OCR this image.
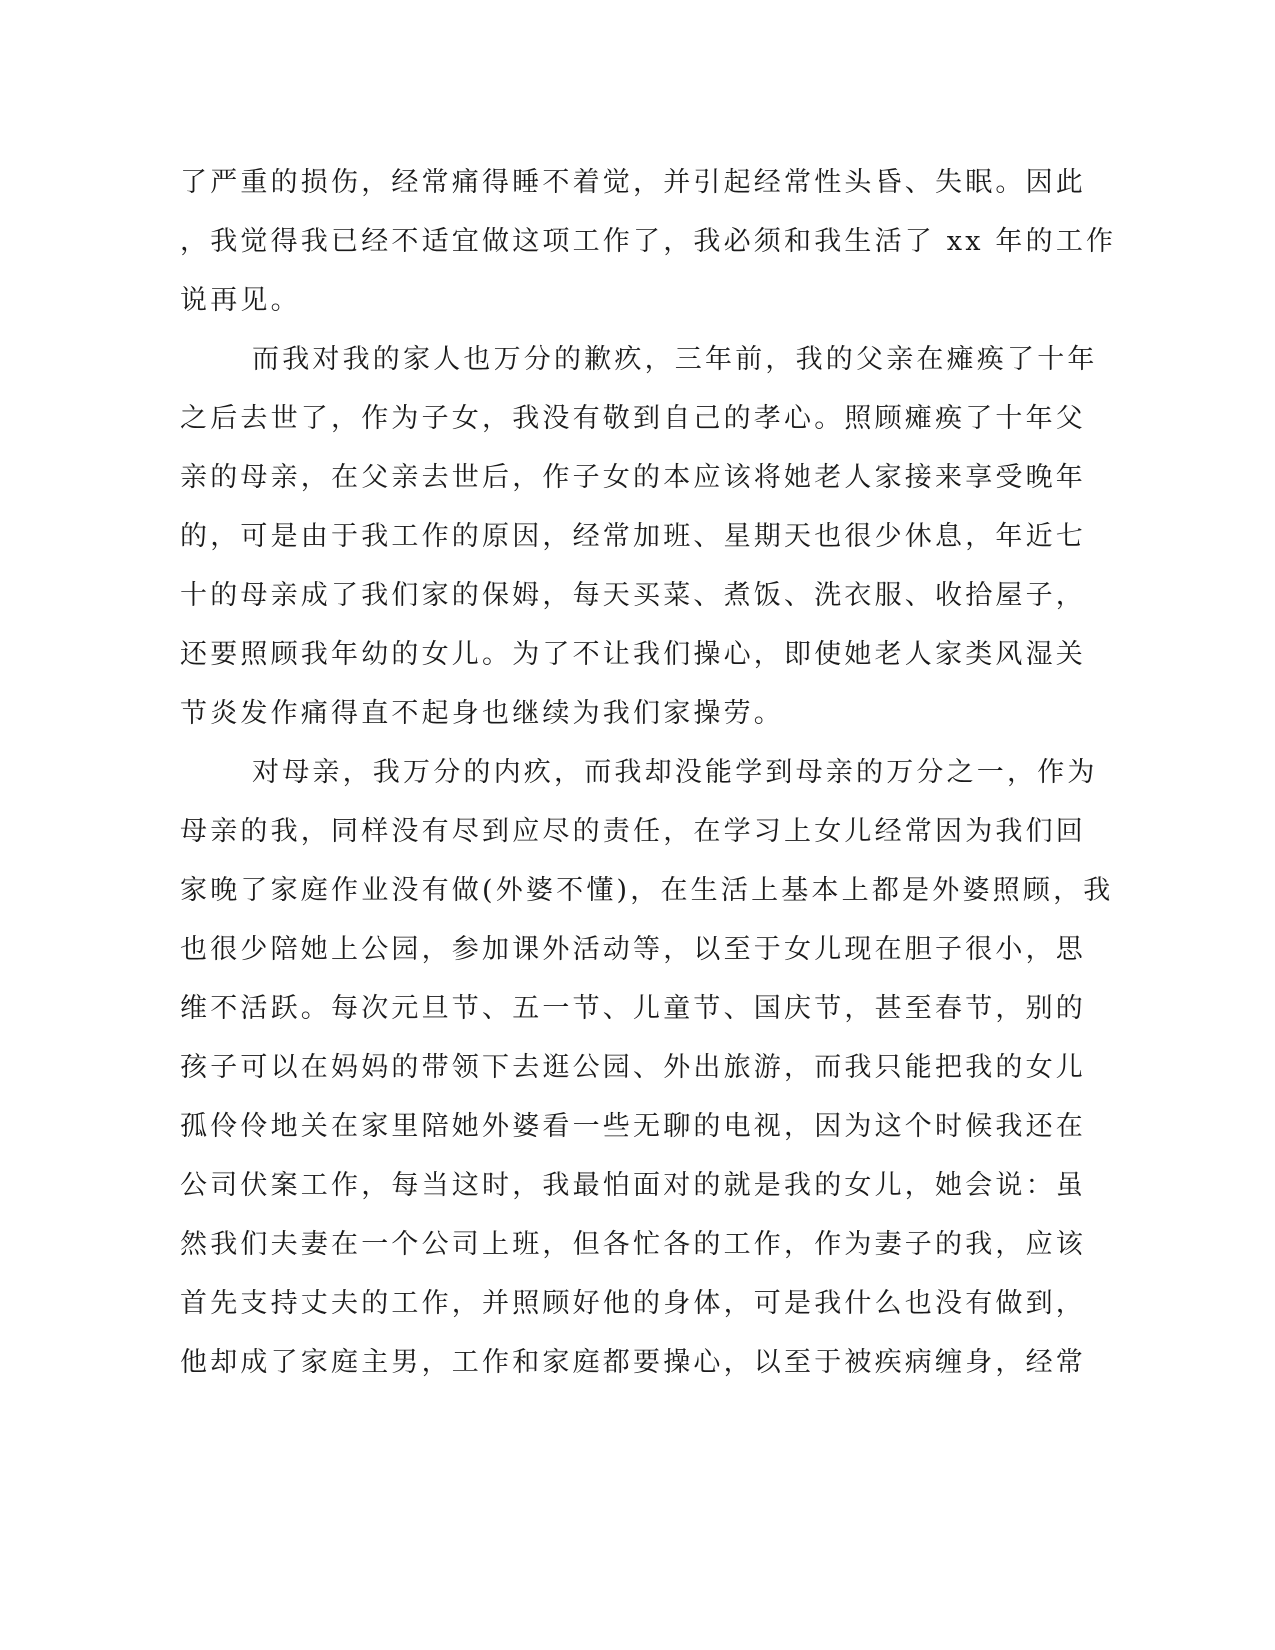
了严重的损伤，经常痛得睡不着觉，并引起经常性头昏、失眠。因此
，我觉得我已经不适宜做这项工作了，我必须和我生活了 xx 年的工作
说再见。
而我对我的家人也万分的歉疚，三年前，我的父亲在瘫痪了十年
之后去世了，作为子女，我没有敬到自己的孝心。照顾瘫痪了十年父
亲的母亲，在父亲去世后，作子女的本应该将她老人家接来享受晚年
的，可是由于我工作的原因，经常加班、星期天也很少休息，年近七
十的母亲成了我们家的保姆，每天买菜、煮饭、洗衣服、收拾屋子，
还要照顾我年幼的女儿。为了不让我们操心，即使她老人家类风湿关
节炎发作痛得直不起身也继续为我们家操劳。
对母亲，我万分的内疚，而我却没能学到母亲的万分之一，作为
母亲的我，同样没有尽到应尽的责任，在学习上女儿经常因为我们回
家晚了家庭作业没有做(外婆不懂)，在生活上基本上都是外婆照顾，我
也很少陪她上公园，参加课外活动等，以至于女儿现在胆子很小，思
维不活跃。每次元旦节、五一节、儿童节、国庆节，甚至春节，别的
孩子可以在妈妈的带领下去逛公园、外出旅游，而我只能把我的女儿
孤伶伶地关在家里陪她外婆看一些无聊的电视，因为这个时候我还在
公司伏案工作，每当这时，我最怕面对的就是我的女儿，她会说：虽
然我们夫妻在一个公司上班，但各忙各的工作，作为妻子的我，应该
首先支持丈夫的工作，并照顾好他的身体，可是我什么也没有做到，
他却成了家庭主男，工作和家庭都要操心，以至于被疾病缠身，经常
